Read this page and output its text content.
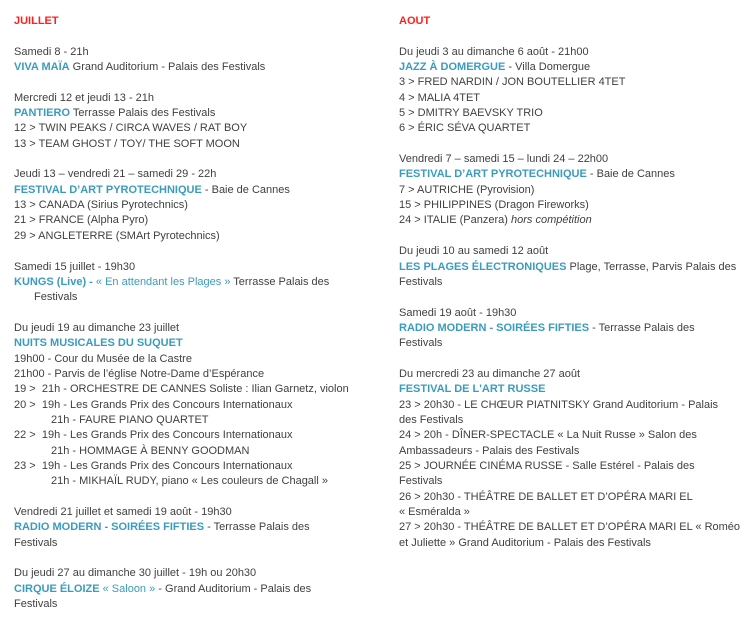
JUILLET
Samedi 8 - 21h
VIVA MAÏA Grand Auditorium - Palais des Festivals
Mercredi 12 et jeudi 13 - 21h
PANTIERO Terrasse Palais des Festivals
12 > TWIN PEAKS / CIRCA WAVES / RAT BOY
13 > TEAM GHOST / TOY/ THE SOFT MOON
Jeudi 13 – vendredi 21 – samedi 29 - 22h
FESTIVAL D’ART PYROTECHNIQUE - Baie de Cannes
13 > CANADA (Sirius Pyrotechnics)
21 > FRANCE (Alpha Pyro)
29 > ANGLETERRE (SMArt Pyrotechnics)
Samedi 15 juillet - 19h30
KUNGS (Live) - « En attendant les Plages » Terrasse Palais des
Festivals
Du jeudi 19 au dimanche 23 juillet
NUITS MUSICALES DU SUQUET
19h00 - Cour du Musée de la Castre
21h00 - Parvis de l’église Notre-Dame d’Espérance
19 >  21h - ORCHESTRE DE CANNES Soliste : Ilian Garnetz, violon
20 >  19h - Les Grands Prix des Concours Internationaux
21h - FAURE PIANO QUARTET
22 >  19h - Les Grands Prix des Concours Internationaux
21h - HOMMAGE À BENNY GOODMAN
23 >  19h - Les Grands Prix des Concours Internationaux
21h - MIKHAÏL RUDY, piano « Les couleurs de Chagall »
Vendredi 21 juillet et samedi 19 août - 19h30
RADIO MODERN - SOIRÉES FIFTIES - Terrasse Palais des
Festivals
Du jeudi 27 au dimanche 30 juillet - 19h ou 20h30
CIRQUE ÉLOIZE « Saloon » - Grand Auditorium - Palais des
Festivals
AOUT
Du jeudi 3 au dimanche 6 août - 21h00
JAZZ À DOMERGUE - Villa Domergue
3 > FRED NARDIN / JON BOUTELLIER 4TET
4 > MALIA 4TET
5 > DMITRY BAEVSKY TRIO
6 > ÉRIC SÉVA QUARTET
Vendredi 7 – samedi 15 – lundi 24 – 22h00
FESTIVAL D’ART PYROTECHNIQUE - Baie de Cannes
7 > AUTRICHE (Pyrovision)
15 > PHILIPPINES (Dragon Fireworks)
24 > ITALIE (Panzera) hors compétition
Du jeudi 10 au samedi 12 août
LES PLAGES ÉLECTRONIQUES Plage, Terrasse, Parvis Palais des
Festivals
Samedi 19 août - 19h30
RADIO MODERN - SOIRÉES FIFTIES - Terrasse Palais des
Festivals
Du mercredi 23 au dimanche 27 août
FESTIVAL DE L'ART RUSSE
23 > 20h30 - LE CHŒUR PIATNITSKY Grand Auditorium - Palais
des Festivals
24 > 20h - DÎNER-SPECTACLE « La Nuit Russe » Salon des
Ambassadeurs - Palais des Festivals
25 > JOURNÉE CINÉMA RUSSE - Salle Estérel - Palais des
Festivals
26 > 20h30 - THÉÂTRE DE BALLET ET D’OPÉRA MARI EL
« Esméralda »
27 > 20h30 - THÉÂTRE DE BALLET ET D’OPÉRA MARI EL « Roméo
et Juliette » Grand Auditorium - Palais des Festivals
